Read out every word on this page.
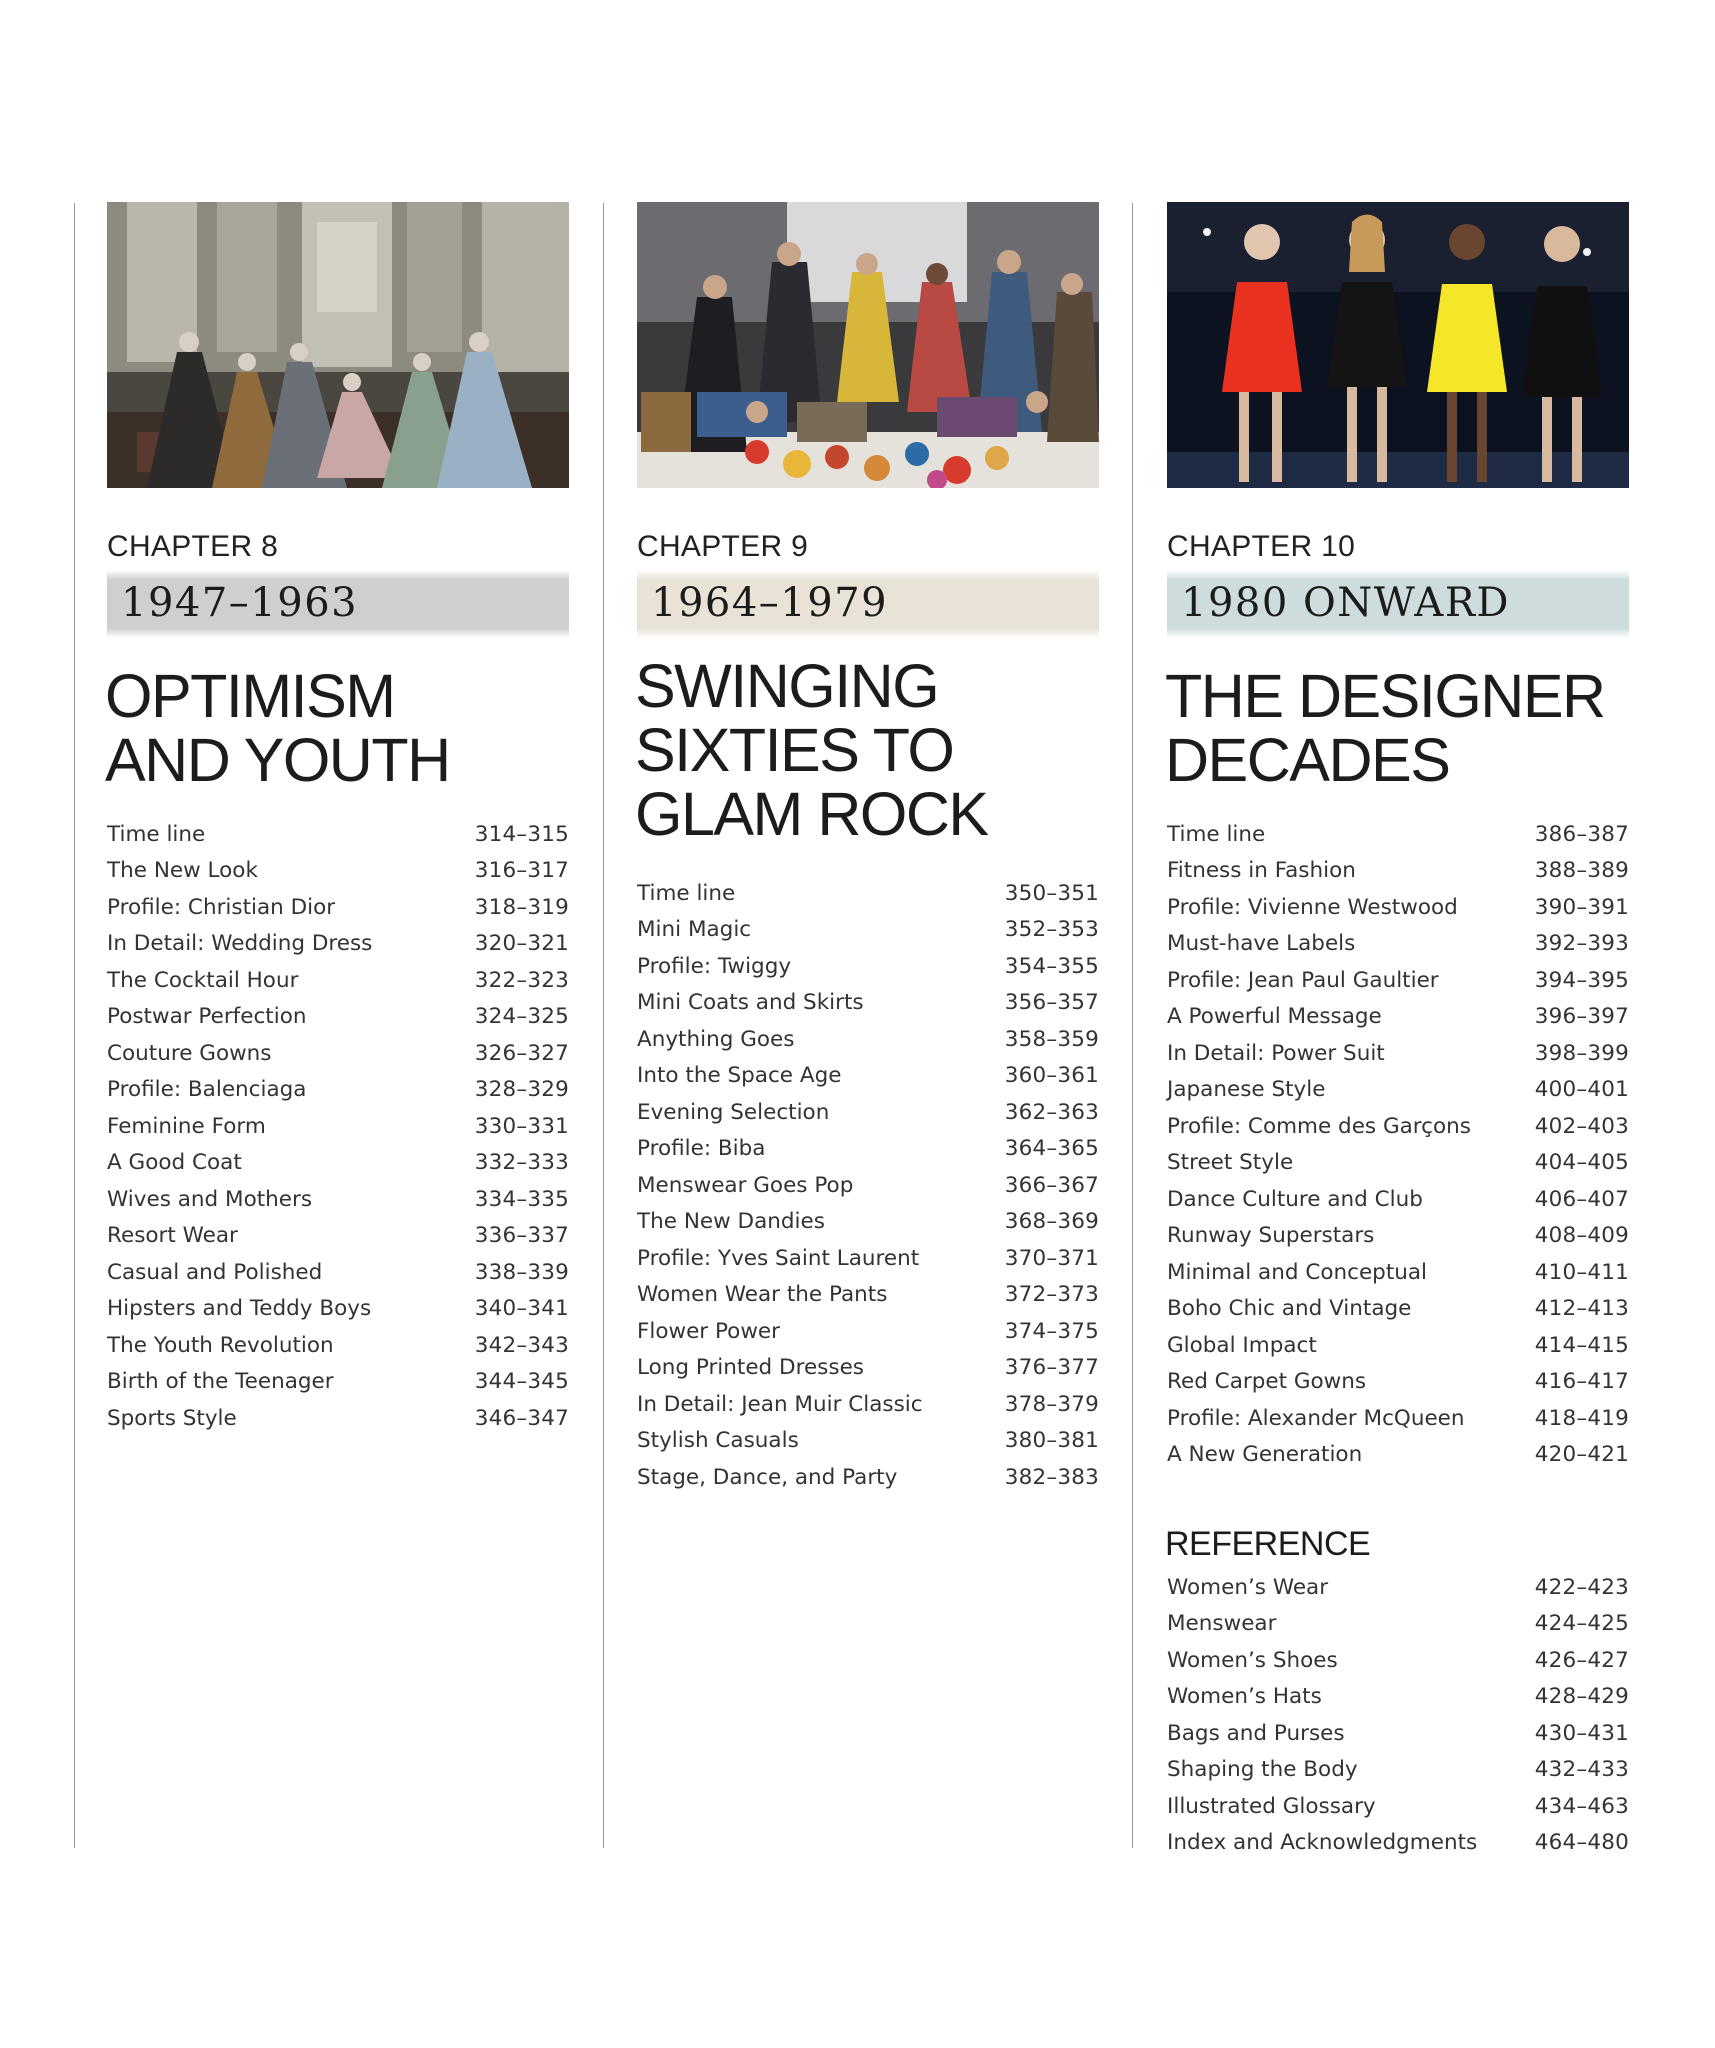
CHAPTER 8
1947–1963
OPTIMISM
AND YOUTH
Time line	314–315
The New Look	316–317
Profile: Christian Dior	318–319
In Detail: Wedding Dress	320–321
The Cocktail Hour	322–323
Postwar Perfection	324–325
Couture Gowns	326–327
Profile: Balenciaga	328–329
Feminine Form	330–331
A Good Coat	332–333
Wives and Mothers	334–335
Resort Wear	336–337
Casual and Polished	338–339
Hipsters and Teddy Boys	340–341
The Youth Revolution	342–343
Birth of the Teenager	344–345
Sports Style	346–347
CHAPTER 9
1964–1979
SWINGING
SIXTIES TO
GLAM ROCK
Time line	350–351
Mini Magic	352–353
Profile: Twiggy	354–355
Mini Coats and Skirts	356–357
Anything Goes	358–359
Into the Space Age	360–361
Evening Selection	362–363
Profile: Biba	364–365
Menswear Goes Pop	366–367
The New Dandies	368–369
Profile: Yves Saint Laurent	370–371
Women Wear the Pants	372–373
Flower Power	374–375
Long Printed Dresses	376–377
In Detail: Jean Muir Classic	378–379
Stylish Casuals	380–381
Stage, Dance, and Party	382–383
CHAPTER 10
1980 ONWARD
THE DESIGNER
DECADES
Time line	386–387
Fitness in Fashion	388–389
Profile: Vivienne Westwood	390–391
Must-have Labels	392–393
Profile: Jean Paul Gaultier	394–395
A Powerful Message	396–397
In Detail: Power Suit	398–399
Japanese Style	400–401
Profile: Comme des Garçons	402–403
Street Style	404–405
Dance Culture and Club	406–407
Runway Superstars	408–409
Minimal and Conceptual	410–411
Boho Chic and Vintage	412–413
Global Impact	414–415
Red Carpet Gowns	416–417
Profile: Alexander McQueen	418–419
A New Generation	420–421
REFERENCE
Women’s Wear	422–423
Menswear	424–425
Women’s Shoes	426–427
Women’s Hats	428–429
Bags and Purses	430–431
Shaping the Body	432–433
Illustrated Glossary	434–463
Index and Acknowledgments	464–480
